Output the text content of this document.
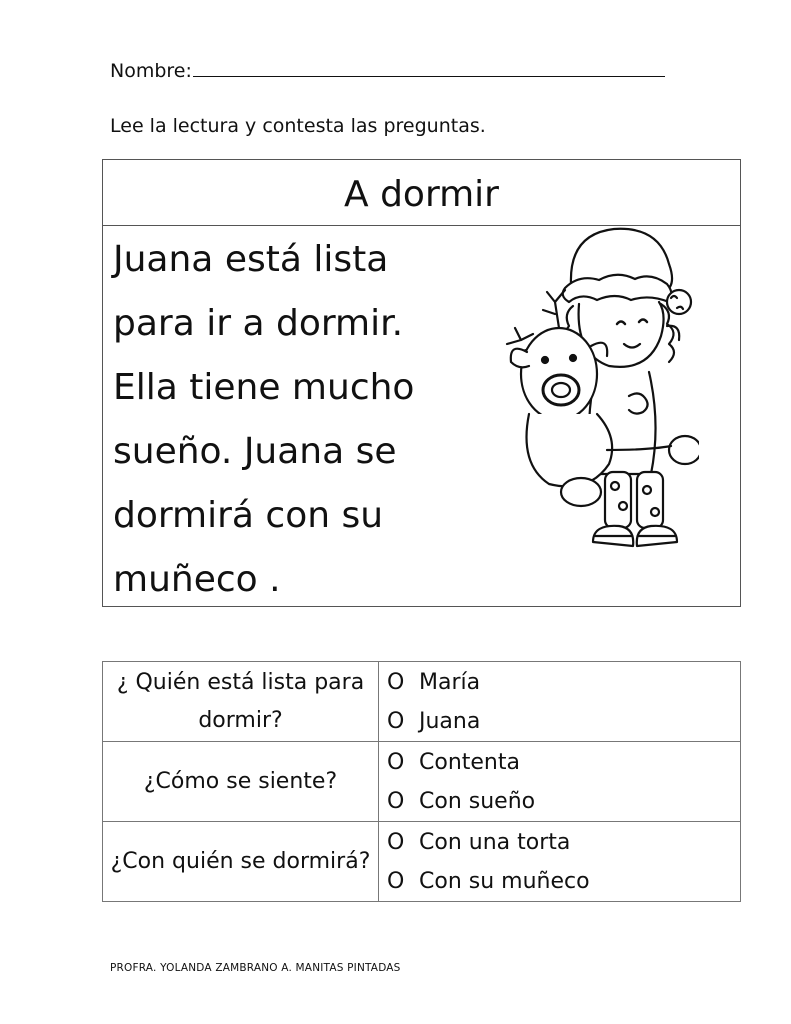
Nombre:
Lee la lectura y contesta las preguntas.
A dormir

Juana está lista
para ir a dormir.
Ella tiene mucho
sueño. Juana se
dormirá con su
muñeco .

¿ Quién está lista para dormir?	O María
O Juana

¿Cómo se siente?	O Contenta
O Con sueño

¿Con quién se dormirá?	O Con una torta
O Con su muñeco
PROFRA. YOLANDA ZAMBRANO A. MANITAS PINTADAS
